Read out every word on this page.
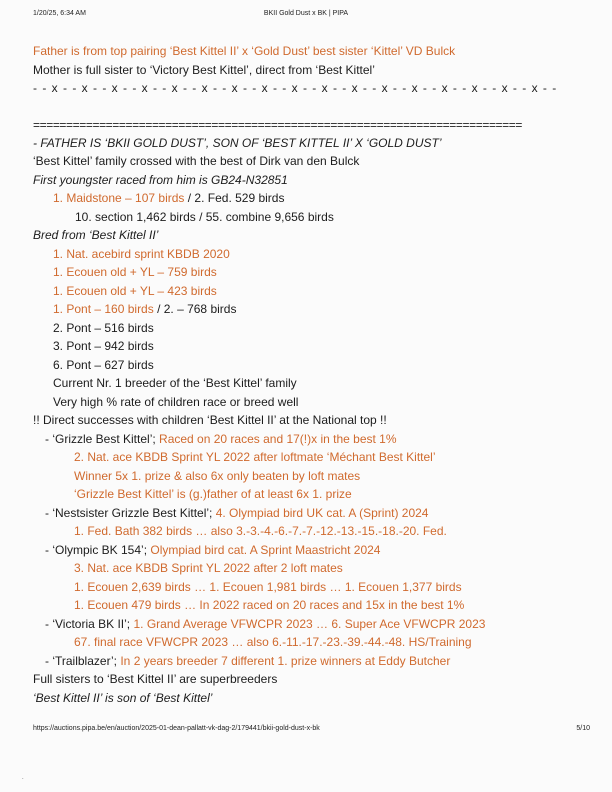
1/20/25, 6:34 AM	BKII Gold Dust x BK | PIPA
Father is from top pairing ‘Best Kittel II’ x ‘Gold Dust’ best sister ‘Kittel’ VD Bulck
Mother is full sister to ‘Victory Best Kittel’, direct from ‘Best Kittel’
- - x - - x - - x - - x - - x - - x - - x - - x - - x - - x - - x - - x - - x - - x - - x - - x - - x - -
==========================================================================
- FATHER IS ‘BKII GOLD DUST’, SON OF ‘BEST KITTEL II’ X ‘GOLD DUST’
‘Best Kittel’ family crossed with the best of Dirk van den Bulck
First youngster raced from him is GB24-N32851
1. Maidstone – 107 birds / 2. Fed. 529 birds
10. section 1,462 birds / 55. combine 9,656 birds
Bred from ‘Best Kittel II’
1. Nat. acebird sprint KBDB 2020
1. Ecouen old + YL – 759 birds
1. Ecouen old + YL – 423 birds
1. Pont – 160 birds / 2. – 768 birds
2. Pont – 516 birds
3. Pont – 942 birds
6. Pont – 627 birds
Current Nr. 1 breeder of the ‘Best Kittel’ family
Very high % rate of children race or breed well
!! Direct successes with children ‘Best Kittel II’ at the National top !!
- ‘Grizzle Best Kittel’; Raced on 20 races and 17(!)x in the best 1%
2. Nat. ace KBDB Sprint YL 2022 after loftmate ‘Méchant Best Kittel’
Winner 5x 1. prize & also 6x only beaten by loft mates
‘Grizzle Best Kittel’ is (g.)father of at least 6x 1. prize
- ‘Nestsister Grizzle Best Kittel’; 4. Olympiad bird UK cat. A (Sprint) 2024
1. Fed. Bath 382 birds … also 3.-3.-4.-6.-7.-7.-12.-13.-15.-18.-20. Fed.
- ‘Olympic BK 154’; Olympiad bird cat. A Sprint Maastricht 2024
3. Nat. ace KBDB Sprint YL 2022 after 2 loft mates
1. Ecouen 2,639 birds … 1. Ecouen 1,981 birds … 1. Ecouen 1,377 birds
1. Ecouen 479 birds … In 2022 raced on 20 races and 15x in the best 1%
- ‘Victoria BK II’; 1. Grand Average VFWCPR 2023 … 6. Super Ace VFWCPR 2023
67. final race VFWCPR 2023 … also 6.-11.-17.-23.-39.-44.-48. HS/Training
- ‘Trailblazer’; In 2 years breeder 7 different 1. prize winners at Eddy Butcher
Full sisters to ‘Best Kittel II’ are superbreeders
‘Best Kittel II’ is son of ‘Best Kittel’
https://auctions.pipa.be/en/auction/2025-01-dean-pallatt-vk-dag-2/179441/bkii-gold-dust-x-bk	5/10
.
